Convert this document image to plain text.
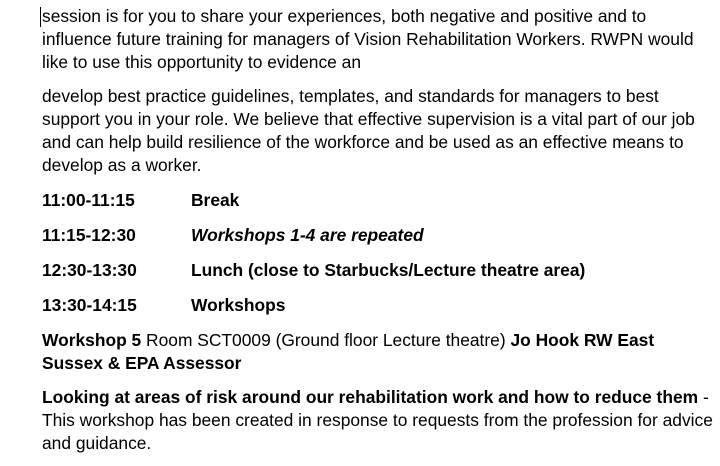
session is for you to share your experiences, both negative and positive and to influence future training for managers of Vision Rehabilitation Workers. RWPN would like to use this opportunity to evidence an

develop best practice guidelines, templates, and standards for managers to best support you in your role. We believe that effective supervision is a vital part of our job and can help build resilience of the workforce and be used as an effective means to develop as a worker.

11:00-11:15	Break
11:15-12:30	Workshops 1-4 are repeated
12:30-13:30	Lunch (close to Starbucks/Lecture theatre area)
13:30-14:15	Workshops

Workshop 5 Room SCT0009 (Ground floor Lecture theatre) Jo Hook RW East Sussex & EPA Assessor

Looking at areas of risk around our rehabilitation work and how to reduce them - This workshop has been created in response to requests from the profession for advice and guidance.
